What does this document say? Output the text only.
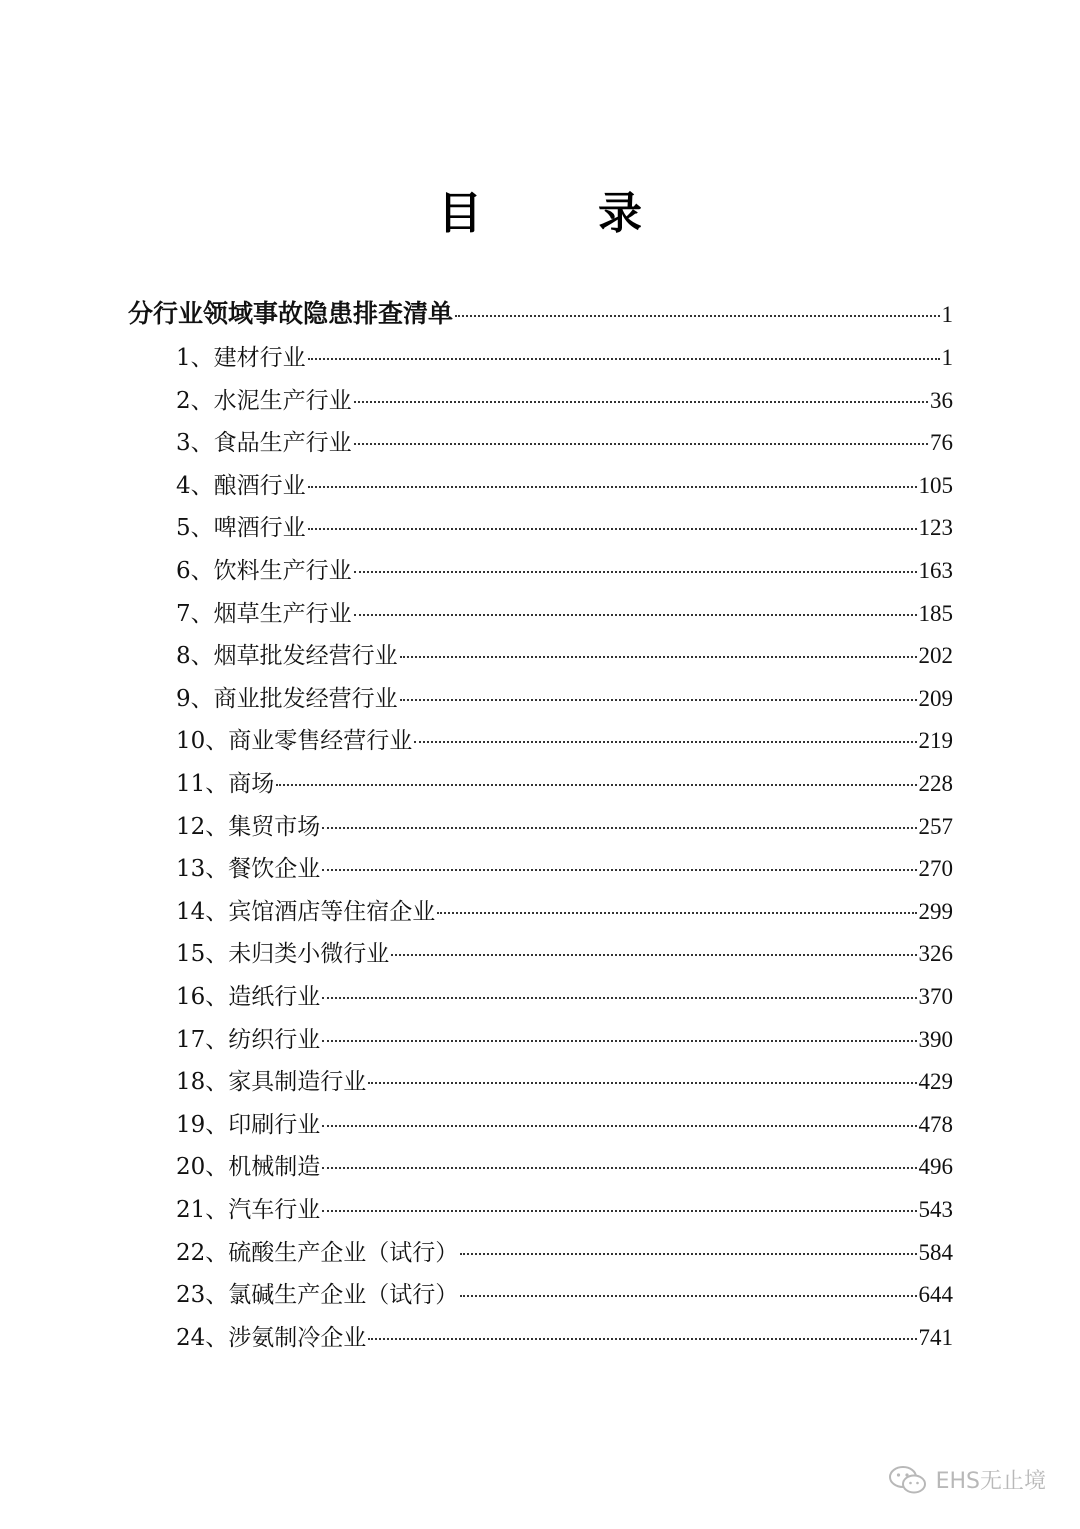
目　录
分行业领域事故隐患排查清单	1
1、建材行业	1
2、水泥生产行业	36
3、食品生产行业	76
4、酿酒行业	105
5、啤酒行业	123
6、饮料生产行业	163
7、烟草生产行业	185
8、烟草批发经营行业	202
9、商业批发经营行业	209
10、商业零售经营行业	219
11、商场	228
12、集贸市场	257
13、餐饮企业	270
14、宾馆酒店等住宿企业	299
15、未归类小微行业	326
16、造纸行业	370
17、纺织行业	390
18、家具制造行业	429
19、印刷行业	478
20、机械制造	496
21、汽车行业	543
22、硫酸生产企业（试行）	584
23、氯碱生产企业（试行）	644
24、涉氨制冷企业	741
EHS无止境
